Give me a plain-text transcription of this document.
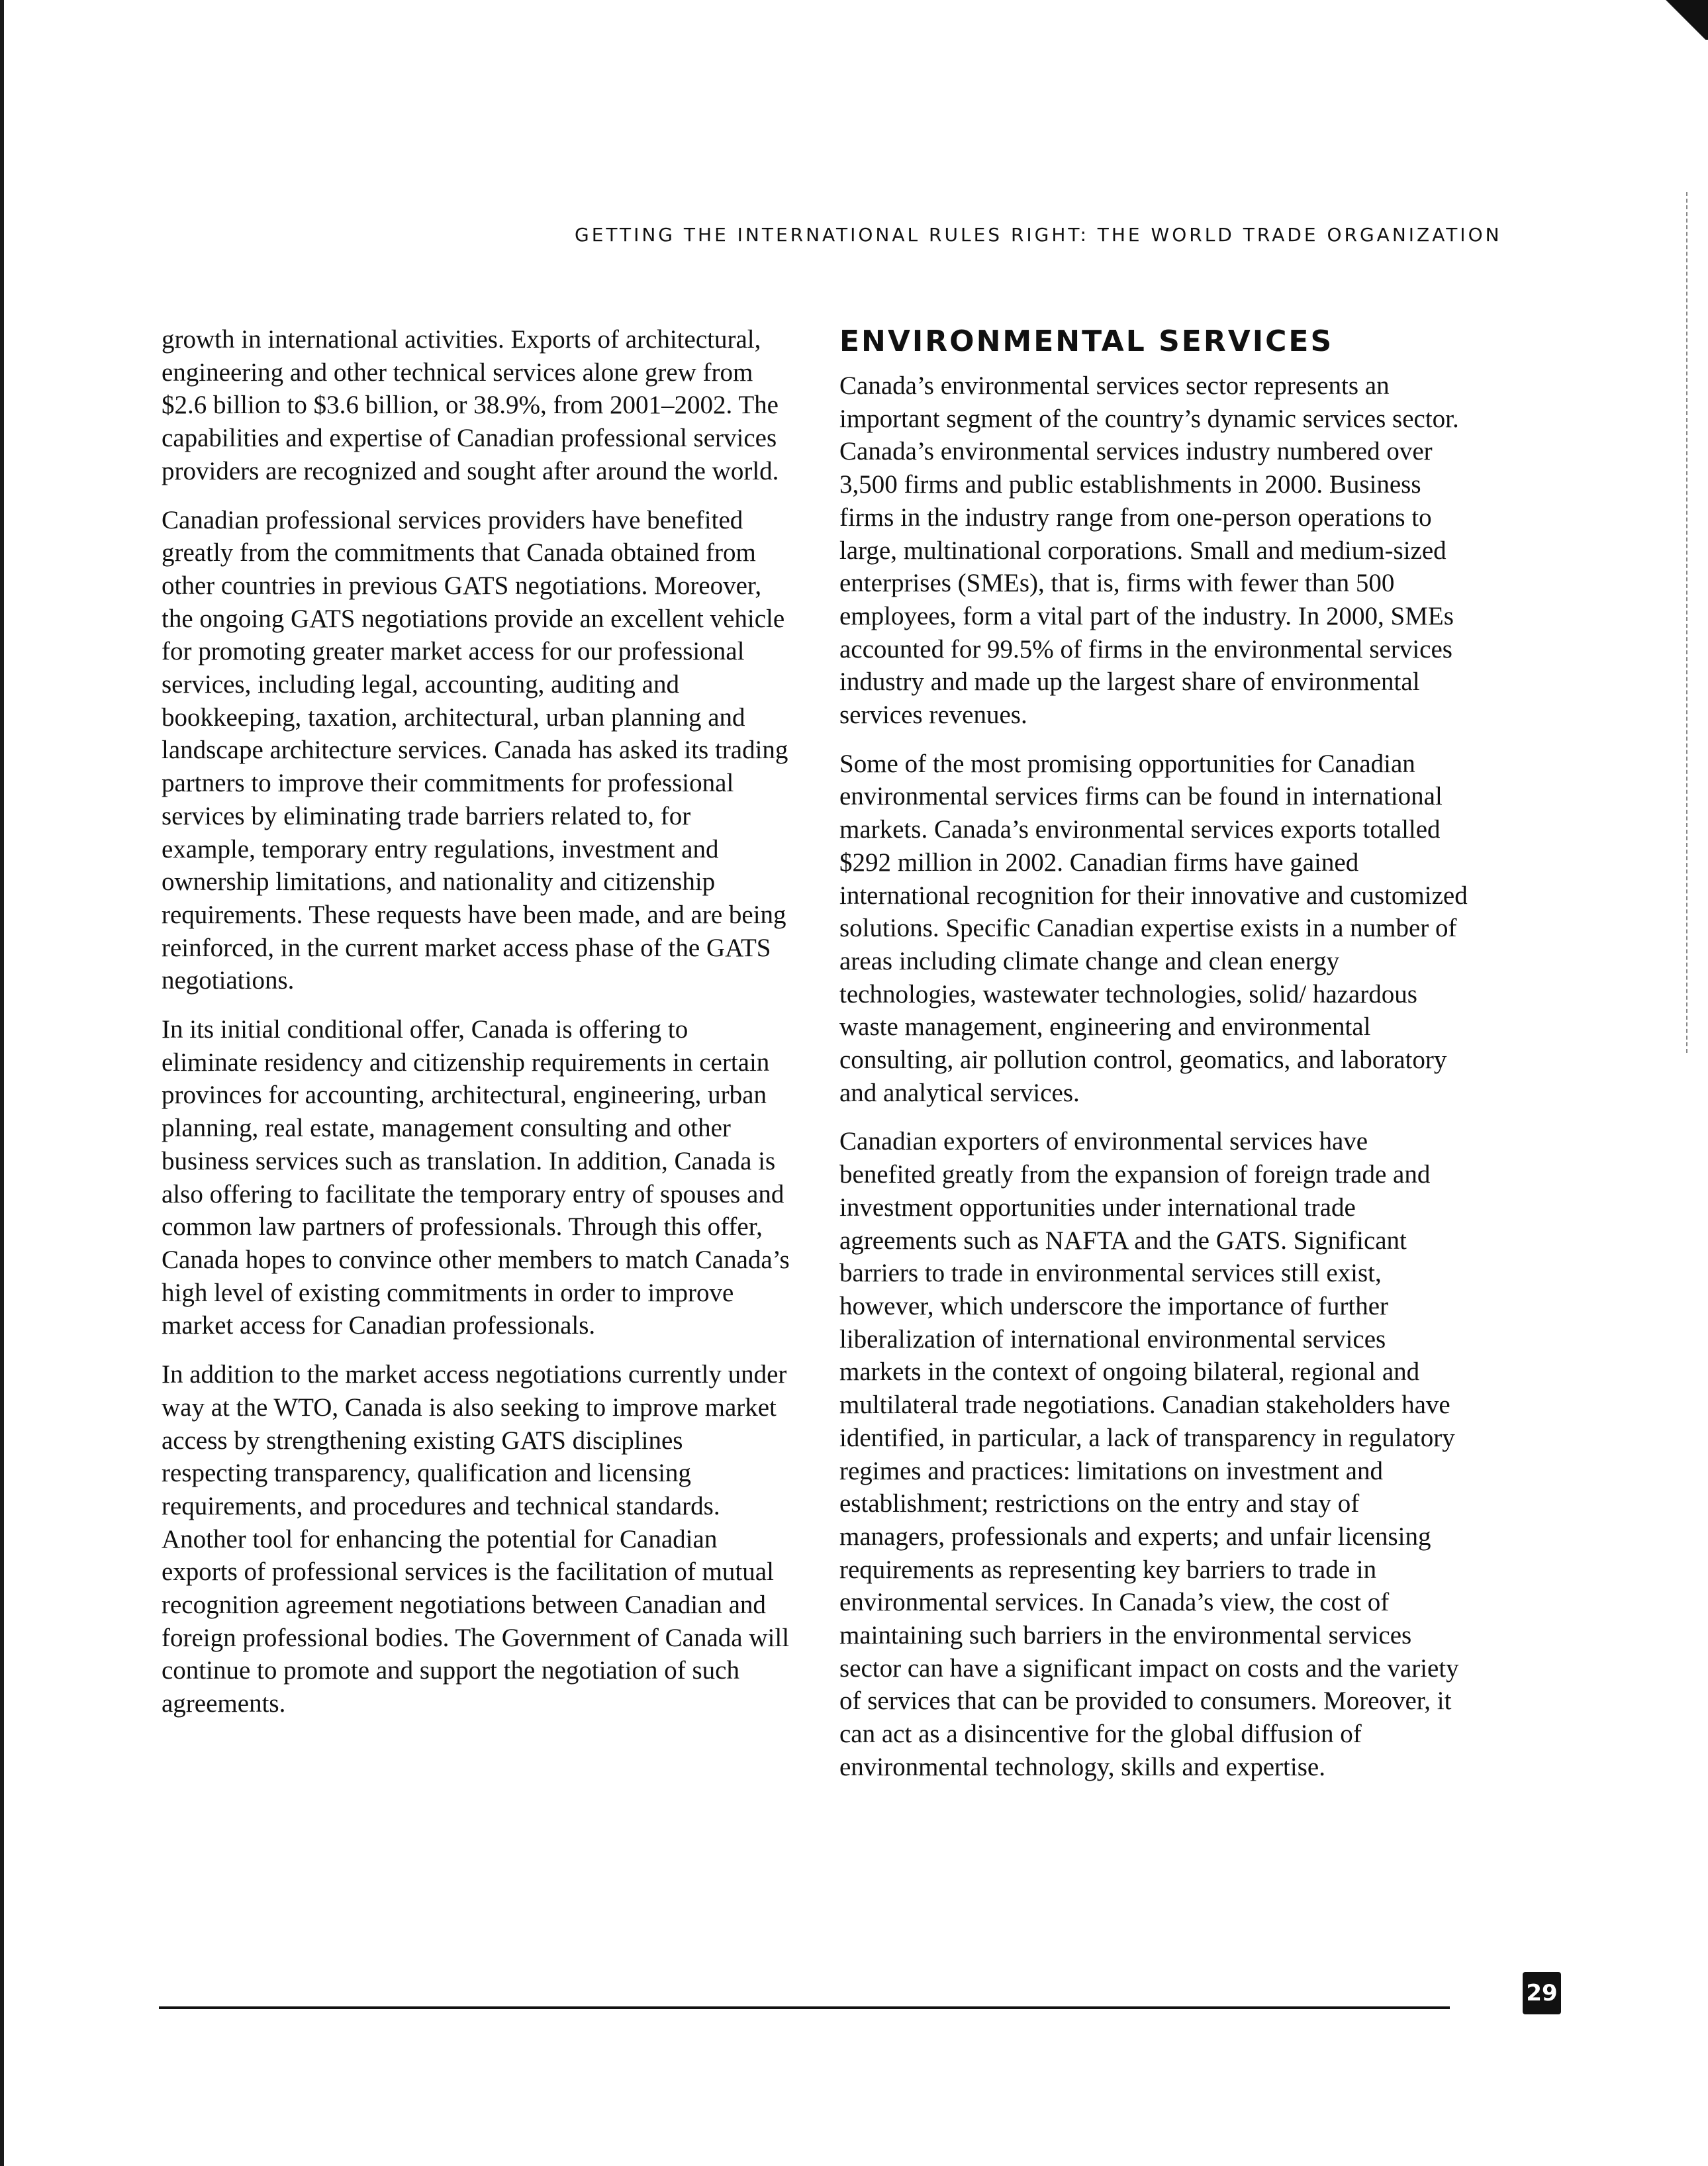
GETTING THE INTERNATIONAL RULES RIGHT: THE WORLD TRADE ORGANIZATION

growth in international activities. Exports of architectural, engineering and other technical services alone grew from $2.6 billion to $3.6 billion, or 38.9%, from 2001–2002. The capabilities and expertise of Canadian professional services providers are recognized and sought after around the world.

Canadian professional services providers have benefited greatly from the commitments that Canada obtained from other countries in previous GATS negotiations. Moreover, the ongoing GATS negotiations provide an excellent vehicle for promoting greater market access for our professional services, including legal, accounting, auditing and bookkeeping, taxation, architectural, urban planning and landscape architecture services. Canada has asked its trading partners to improve their commitments for professional services by eliminating trade barriers related to, for example, temporary entry regulations, investment and ownership limitations, and nationality and citizenship requirements. These requests have been made, and are being reinforced, in the current market access phase of the GATS negotiations.

In its initial conditional offer, Canada is offering to eliminate residency and citizenship requirements in certain provinces for accounting, architectural, engineering, urban planning, real estate, management consulting and other business services such as translation. In addition, Canada is also offering to facilitate the temporary entry of spouses and common law partners of professionals. Through this offer, Canada hopes to convince other members to match Canada’s high level of existing commitments in order to improve market access for Canadian professionals.

In addition to the market access negotiations currently under way at the WTO, Canada is also seeking to improve market access by strengthening existing GATS disciplines respecting transparency, qualification and licensing requirements, and procedures and technical standards. Another tool for enhancing the potential for Canadian exports of professional services is the facilitation of mutual recognition agreement negotiations between Canadian and foreign professional bodies. The Government of Canada will continue to promote and support the negotiation of such agreements.

ENVIRONMENTAL SERVICES

Canada’s environmental services sector represents an important segment of the country’s dynamic services sector. Canada’s environmental services industry numbered over 3,500 firms and public establishments in 2000. Business firms in the industry range from one-person operations to large, multinational corporations. Small and medium-sized enterprises (SMEs), that is, firms with fewer than 500 employees, form a vital part of the industry. In 2000, SMEs accounted for 99.5% of firms in the environmental services industry and made up the largest share of environmental services revenues.

Some of the most promising opportunities for Canadian environmental services firms can be found in international markets. Canada’s environmental services exports totalled $292 million in 2002. Canadian firms have gained international recognition for their innovative and customized solutions. Specific Canadian expertise exists in a number of areas including climate change and clean energy technologies, wastewater technologies, solid/ hazardous waste management, engineering and environmental consulting, air pollution control, geomatics, and laboratory and analytical services.

Canadian exporters of environmental services have benefited greatly from the expansion of foreign trade and investment opportunities under international trade agreements such as NAFTA and the GATS. Significant barriers to trade in environmental services still exist, however, which underscore the importance of further liberalization of international environmental services markets in the context of ongoing bilateral, regional and multilateral trade negotiations. Canadian stakeholders have identified, in particular, a lack of transparency in regulatory regimes and practices: limitations on investment and establishment; restrictions on the entry and stay of managers, professionals and experts; and unfair licensing requirements as representing key barriers to trade in environmental services. In Canada’s view, the cost of maintaining such barriers in the environmental services sector can have a significant impact on costs and the variety of services that can be provided to consumers. Moreover, it can act as a disincentive for the global diffusion of environmental technology, skills and expertise.

29
